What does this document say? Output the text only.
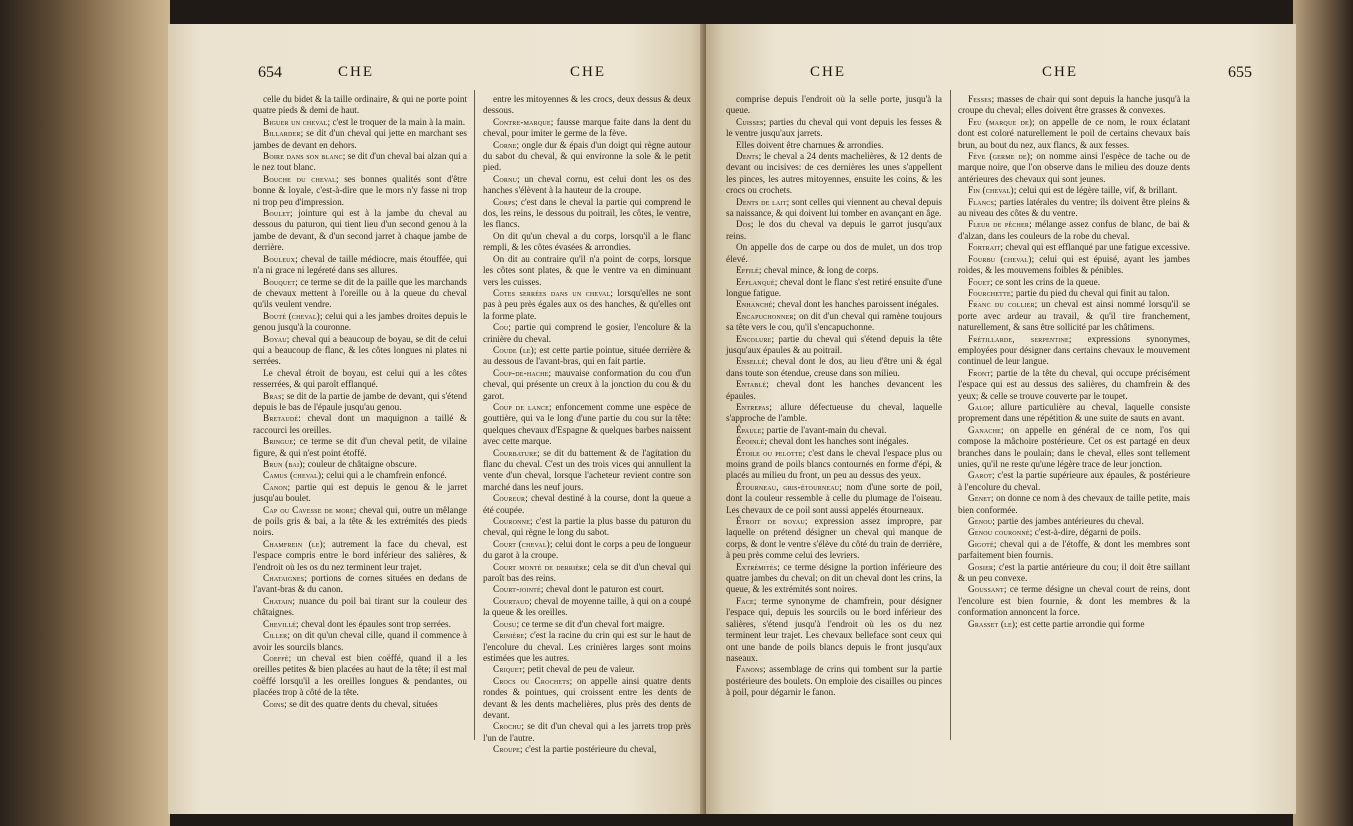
654	CHE	CHE

celle du bidet & la taille ordinaire, & qui ne porte point quatre pieds & demi de haut.

Biguer un cheval; c'est le troquer de la main à la main.

Billarder; se dit d'un cheval qui jette en marchant ses jambes de devant en dehors.

Boire dans son blanc; se dit d'un cheval bai alzan qui a le nez tout blanc.

Bouche du cheval; ses bonnes qualités sont d'être bonne & loyale, c'est-à-dire que le mors n'y fasse ni trop ni trop peu d'impression.

Boulet; jointure qui est à la jambe du cheval au dessous du paturon, qui tient lieu d'un second genou à la jambe de devant, & d'un second jarret à chaque jambe de derrière.

Bouleux; cheval de taille médiocre, mais étouffée, qui n'a ni grace ni legéreté dans ses allures.

Bouquet; ce terme se dit de la paille que les marchands de chevaux mettent à l'oreille ou à la queue du cheval qu'ils veulent vendre.

Bouté (cheval); celui qui a les jambes droites depuis le genou jusqu'à la couronne.

Boyau; cheval qui a beaucoup de boyau, se dit de celui qui a beaucoup de flanc, & les côtes longues ni plates ni serrées.

Le cheval étroit de boyau, est celui qui a les côtes resserrées, & qui paroît efflanqué.

Bras; se dit de la partie de jambe de devant, qui s'étend depuis le bas de l'épaule jusqu'au genou.

Bretaudé: cheval dont un maquignon a taillé & raccourci les oreilles.

Bringue; ce terme se dit d'un cheval petit, de vilaine figure, & qui n'est point étoffé.

Brun (bai); couleur de châtaigne obscure.

Camus (cheval); celui qui a le chamfrein enfoncé.

Canon; partie qui est depuis le genou & le jarret jusqu'au boulet.

Cap ou Cavesse de more; cheval qui, outre un mêlange de poils gris & bai, a la tête & les extrémités des pieds noirs.

Chamfrein (le); autrement la face du cheval, est l'espace compris entre le bord inférieur des salières, & l'endroit où les os du nez terminent leur trajet.

Chataignes; portions de cornes situées en dedans de l'avant-bras & du canon.

Chatain; nuance du poil bai tirant sur la couleur des châtaignes.

Chevillé; cheval dont les épaules sont trop serrées.

Ciller; on dit qu'un cheval cille, quand il commence à avoir les sourcils blancs.

Coeffé; un cheval est bien coëffé, quand il a les oreilles petites & bien placées au haut de la tête; il est mal coëffé lorsqu'il a les oreilles longues & pendantes, ou placées trop à côté de la tête.

Coins; se dit des quatre dents du cheval, situées

entre les mitoyennes & les crocs, deux dessus & deux dessous.

Contre-marque; fausse marque faite dans la dent du cheval, pour imiter le germe de la fève.

Corne; ongle dur & épais d'un doigt qui règne autour du sabot du cheval, & qui environne la sole & le petit pied.

Cornu; un cheval cornu, est celui dont les os des hanches s'élèvent à la hauteur de la croupe.

Corps; c'est dans le cheval la partie qui comprend le dos, les reins, le dessous du poitrail, les côtes, le ventre, les flancs.

On dit qu'un cheval a du corps, lorsqu'il a le flanc rempli, & les côtes évasées & arrondies.

On dit au contraire qu'il n'a point de corps, lorsque les côtes sont plates, & que le ventre va en diminuant vers les cuisses.

Cotes serrées dans un cheval; lorsqu'elles ne sont pas à peu près égales aux os des hanches, & qu'elles ont la forme plate.

Cou; partie qui comprend le gosier, l'encolure & la crinière du cheval.

Coude (le); est cette partie pointue, située derrière & au dessous de l'avant-bras, qui en fait partie.

Coup-de-hache; mauvaise conformation du cou d'un cheval, qui présente un creux à la jonction du cou & du garot.

Coup de lance; enfoncement comme une espèce de gouttière, qui va le long d'une partie du cou sur la tête: quelques chevaux d'Espagne & quelques barbes naissent avec cette marque.

Courbature; se dit du battement & de l'agitation du flanc du cheval. C'est un des trois vices qui annullent la vente d'un cheval, lorsque l'acheteur revient contre son marché dans les neuf jours.

Coureur; cheval destiné à la course, dont la queue a été coupée.

Couronne; c'est la partie la plus basse du paturon du cheval, qui règne le long du sabot.

Court (cheval); celui dont le corps a peu de longueur du garot à la croupe.

Court monté de derrière; cela se dit d'un cheval qui paroît bas des reins.

Court-jointé; cheval dont le paturon est court.

Courtaud; cheval de moyenne taille, à qui on a coupé la queue & les oreilles.

Cousu; ce terme se dit d'un cheval fort maigre.

Crinière; c'est la racine du crin qui est sur le haut de l'encolure du cheval. Les crinières larges sont moins estimées que les autres.

Criquet; petit cheval de peu de valeur.

Crocs ou Crochets; on appelle ainsi quatre dents rondes & pointues, qui croissent entre les dents de devant & les dents machelières, plus près des dents de devant.

Crochu; se dit d'un cheval qui a les jarrets trop près l'un de l'autre.

Croupe; c'est la partie postérieure du cheval,

CHE	CHE	655

comprise depuis l'endroit où la selle porte, jusqu'à la queue.

Cuisses; parties du cheval qui vont depuis les fesses & le ventre jusqu'aux jarrets.

Elles doivent être charnues & arrondies.

Dents; le cheval a 24 dents machelières, & 12 dents de devant ou incisives: de ces dernières les unes s'appellent les pinces, les autres mitoyennes, ensuite les coins, & les crocs ou crochets.

Dents de lait; sont celles qui viennent au cheval depuis sa naissance, & qui doivent lui tomber en avançant en âge.

Dos; le dos du cheval va depuis le garrot jusqu'aux reins.

On appelle dos de carpe ou dos de mulet, un dos trop élevé.

Effilé; cheval mince, & long de corps.

Efflanqué; cheval dont le flanc s'est retiré ensuite d'une longue fatigue.

Enhanché; cheval dont les hanches paroissent inégales.

Encapuchonner; on dit d'un cheval qui ramène toujours sa tête vers le cou, qu'il s'encapuchonne.

Encolure; partie du cheval qui s'étend depuis la tête jusqu'aux épaules & au poitrail.

Ensellé; cheval dont le dos, au lieu d'être uni & égal dans toute son étendue, creuse dans son milieu.

Entablé; cheval dont les hanches devancent les épaules.

Entrepas; allure défectueuse du cheval, laquelle s'approche de l'amble.

Épaule; partie de l'avant-main du cheval.

Époinlé; cheval dont les hanches sont inégales.

Étoile ou pelotte; c'est dans le cheval l'espace plus ou moins grand de poils blancs contournés en forme d'épi, & placés au milieu du front, un peu au dessus des yeux.

Étourneau, gris-étourneau; nom d'une sorte de poil, dont la couleur ressemble à celle du plumage de l'oiseau. Les chevaux de ce poil sont aussi appelés étourneaux.

Étroit de boyau; expression assez impropre, par laquelle on prétend désigner un cheval qui manque de corps, & dont le ventre s'élève du côté du train de derrière, à peu près comme celui des levriers.

Extrémités; ce terme désigne la portion inférieure des quatre jambes du cheval; on dit un cheval dont les crins, la queue, & les extrémités sont noires.

Face; terme synonyme de chamfrein, pour désigner l'espace qui, depuis les sourcils ou le bord inférieur des salières, s'étend jusqu'à l'endroit où les os du nez terminent leur trajet. Les chevaux belleface sont ceux qui ont une bande de poils blancs depuis le front jusqu'aux naseaux.

Fanons; assemblage de crins qui tombent sur la partie postérieure des boulets. On emploie des cisailles ou pinces à poil, pour dégarnir le fanon.

Fesses; masses de chair qui sont depuis la hanche jusqu'à la croupe du cheval; elles doivent être grasses & convexes.

Feu (marque de); on appelle de ce nom, le roux éclatant dont est coloré naturellement le poil de certains chevaux bais brun, au bout du nez, aux flancs, & aux fesses.

Fève (germe de); on nomme ainsi l'espèce de tache ou de marque noire, que l'on observe dans le milieu des douze dents antérieures des chevaux qui sont jeunes.

Fin (cheval); celui qui est de légère taille, vif, & brillant.

Flancs; parties latérales du ventre; ils doivent être pleins & au niveau des côtes & du ventre.

Fleur de pêcher; mélange assez confus de blanc, de bai & d'alzan, dans les couleurs de la robe du cheval.

Fortrait; cheval qui est efflanqué par une fatigue excessive.

Fourbu (cheval); celui qui est épuisé, ayant les jambes roides, & les mouvemens foibles & pénibles.

Fouet; ce sont les crins de la queue.

Fourchette; partie du pied du cheval qui finit au talon.

Franc du collier; un cheval est ainsi nommé lorsqu'il se porte avec ardeur au travail, & qu'il tire franchement, naturellement, & sans être sollicité par les châtimens.

Frétillarde, serpentine; expressions synonymes, employées pour désigner dans certains chevaux le mouvement continuel de leur langue.

Front; partie de la tête du cheval, qui occupe précisément l'espace qui est au dessus des salières, du chamfrein & des yeux; & celle se trouve couverte par le toupet.

Galop; allure particulière au cheval, laquelle consiste proprement dans une répétition & une suite de sauts en avant.

Ganache; on appelle en général de ce nom, l'os qui compose la mâchoire postérieure. Cet os est partagé en deux branches dans le poulain; dans le cheval, elles sont tellement unies, qu'il ne reste qu'une légère trace de leur jonction.

Garot; c'est la partie supérieure aux épaules, & postérieure à l'encolure du cheval.

Genet; on donne ce nom à des chevaux de taille petite, mais bien conformée.

Genou; partie des jambes antérieures du cheval.

Genou couronné; c'est-à-dire, dégarni de poils.

Gigoté; cheval qui a de l'étoffe, & dont les membres sont parfaitement bien fournis.

Gosier; c'est la partie antérieure du cou; il doit être saillant & un peu convexe.

Goussant; ce terme désigne un cheval court de reins, dont l'encolure est bien fournie, & dont les membres & la conformation annoncent la force.

Grasset (le); est cette partie arrondie qui forme
